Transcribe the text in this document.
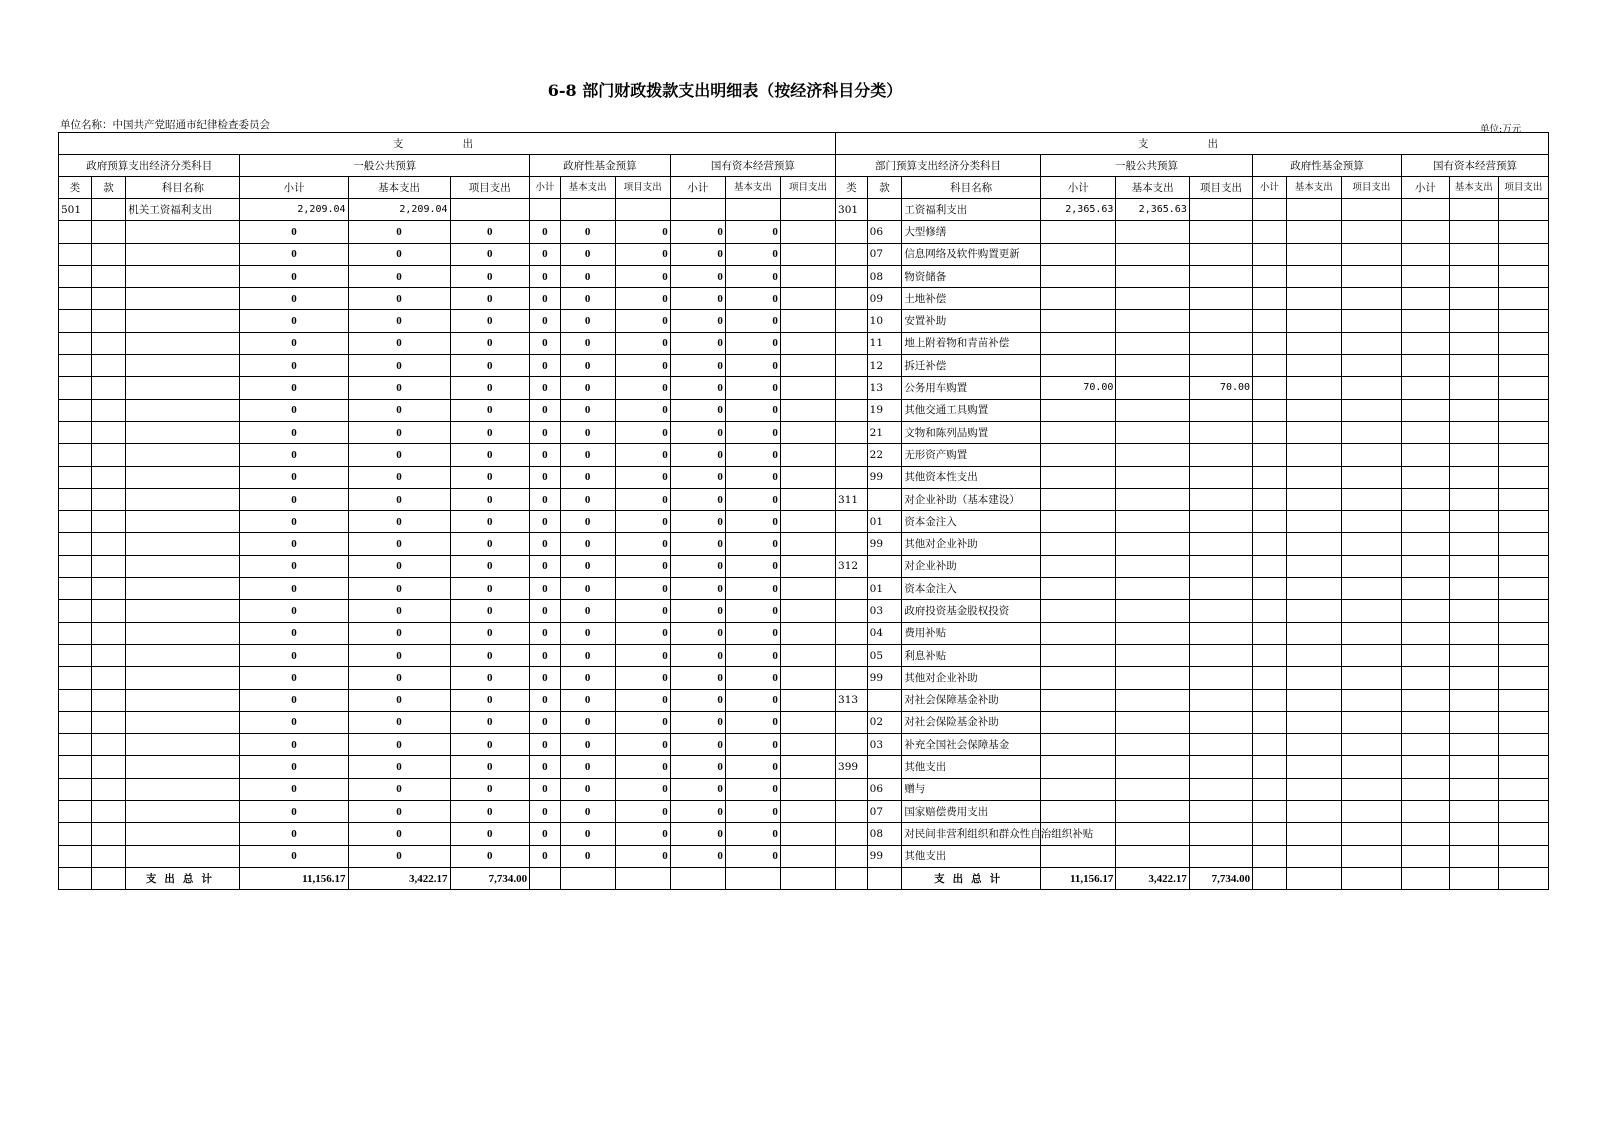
6-8 部门财政拨款支出明细表（按经济科目分类）
单位名称：中国共产党昭通市纪律检查委员会	单位:万元
支 出												支 出											
政府预算支出经济分类科目			一般公共预算			政府性基金预算			国有资本经营预算			部门预算支出经济分类科目			一般公共预算			政府性基金预算			国有资本经营预算		
类	款	科目名称	小计	基本支出	项目支出	小计	基本支出	项目支出	小计	基本支出	项目支出	类	款	科目名称	小计	基本支出	项目支出	小计	基本支出	项目支出	小计	基本支出	项目支出
501		机关工资福利支出	2,209.04	2,209.04								301		工资福利支出	2,365.63	2,365.63							
			0	0	0	0	0	0	0	0			06	大型修缮									
			0	0	0	0	0	0	0	0			07	信息网络及软件购置更新									
			0	0	0	0	0	0	0	0			08	物资储备									
			0	0	0	0	0	0	0	0			09	土地补偿									
			0	0	0	0	0	0	0	0			10	安置补助									
			0	0	0	0	0	0	0	0			11	地上附着物和青苗补偿									
			0	0	0	0	0	0	0	0			12	拆迁补偿									
			0	0	0	0	0	0	0	0			13	公务用车购置	70.00		70.00						
			0	0	0	0	0	0	0	0			19	其他交通工具购置									
			0	0	0	0	0	0	0	0			21	文物和陈列品购置									
			0	0	0	0	0	0	0	0			22	无形资产购置									
			0	0	0	0	0	0	0	0			99	其他资本性支出									
			0	0	0	0	0	0	0	0		311		对企业补助（基本建设）									
			0	0	0	0	0	0	0	0			01	资本金注入									
			0	0	0	0	0	0	0	0			99	其他对企业补助									
			0	0	0	0	0	0	0	0		312		对企业补助									
			0	0	0	0	0	0	0	0			01	资本金注入									
			0	0	0	0	0	0	0	0			03	政府投资基金股权投资									
			0	0	0	0	0	0	0	0			04	费用补贴									
			0	0	0	0	0	0	0	0			05	利息补贴									
			0	0	0	0	0	0	0	0			99	其他对企业补助									
			0	0	0	0	0	0	0	0		313		对社会保障基金补助									
			0	0	0	0	0	0	0	0			02	对社会保险基金补助									
			0	0	0	0	0	0	0	0			03	补充全国社会保障基金									
			0	0	0	0	0	0	0	0		399		其他支出									
			0	0	0	0	0	0	0	0			06	赠与									
			0	0	0	0	0	0	0	0			07	国家赔偿费用支出									
			0	0	0	0	0	0	0	0			08	对民间非营利组织和群众性自治组织补贴									
			0	0	0	0	0	0	0	0			99	其他支出									
		支出总计	11,156.17	3,422.17	7,734.00									支出总计	11,156.17	3,422.17	7,734.00						
